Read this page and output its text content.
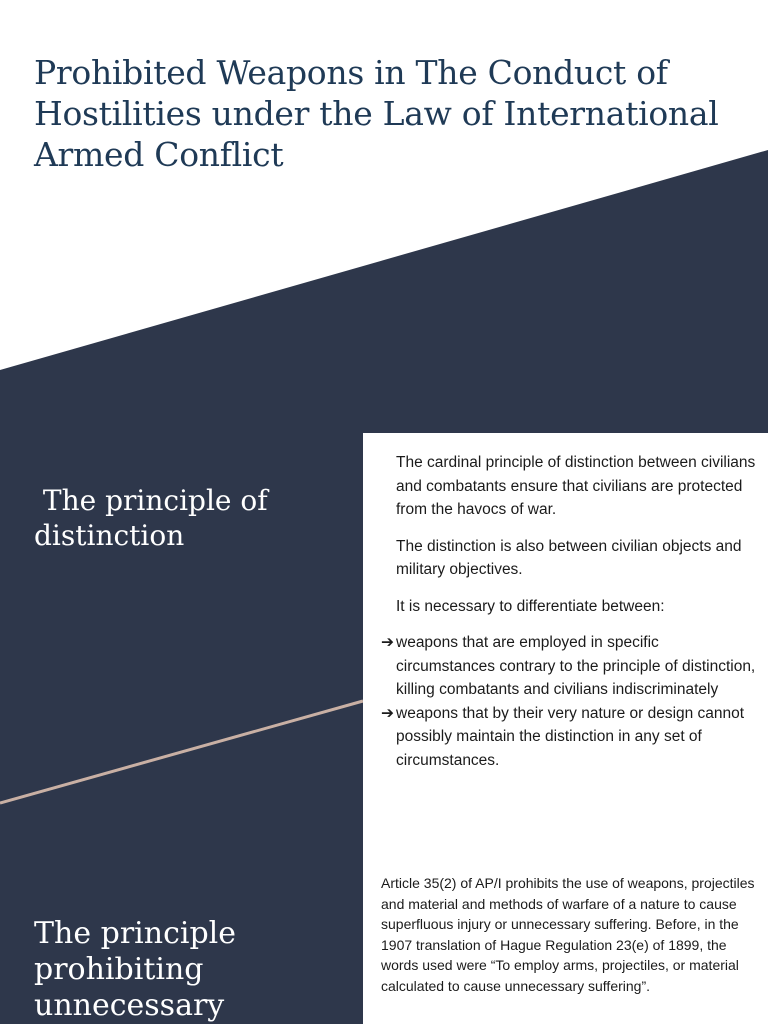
Prohibited Weapons in The Conduct of Hostilities under the Law of International Armed Conflict
The principle of
distinction
The principle
prohibiting
unnecessary

The cardinal principle of distinction between civilians and combatants ensure that civilians are protected from the havocs of war.

The distinction is also between civilian objects and military objectives.

It is necessary to differentiate between:

➔ weapons that are employed in specific circumstances contrary to the principle of distinction, killing combatants and civilians indiscriminately
➔ weapons that by their very nature or design cannot possibly maintain the distinction in any set of circumstances.

Article 35(2) of AP/I prohibits the use of weapons, projectiles and material and methods of warfare of a nature to cause superfluous injury or unnecessary suffering. Before, in the 1907 translation of Hague Regulation 23(e) of 1899, the words used were “To employ arms, projectiles, or material calculated to cause unnecessary suffering”.
